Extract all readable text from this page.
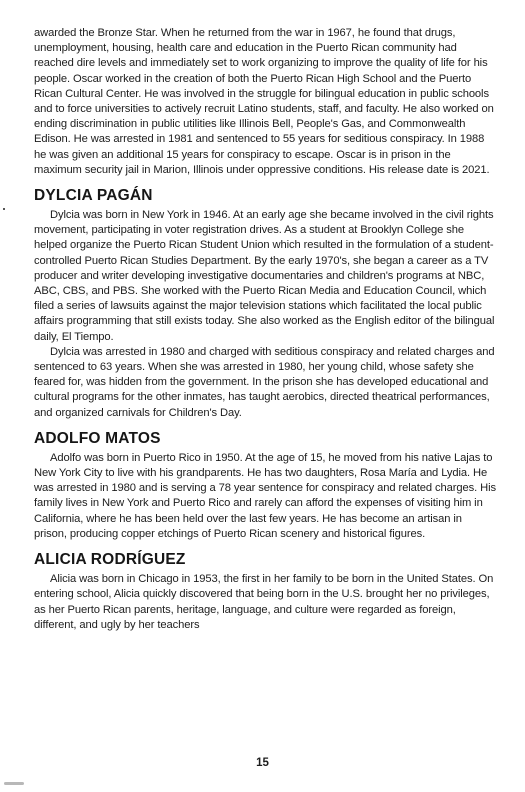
awarded the Bronze Star. When he returned from the war in 1967, he found that drugs, unemployment, housing, health care and education in the Puerto Rican community had reached dire levels and immediately set to work organizing to improve the quality of life for his people. Oscar worked in the creation of both the Puerto Rican High School and the Puerto Rican Cultural Center. He was involved in the struggle for bilingual education in public schools and to force universities to actively recruit Latino students, staff, and faculty. He also worked on ending discrimination in public utilities like Illinois Bell, People's Gas, and Commonwealth Edison. He was arrested in 1981 and sentenced to 55 years for seditious conspiracy. In 1988 he was given an additional 15 years for conspiracy to escape. Oscar is in prison in the maximum security jail in Marion, Illinois under oppressive conditions. His release date is 2021.

DYLCIA PAGÁN

Dylcia was born in New York in 1946. At an early age she became involved in the civil rights movement, participating in voter registration drives. As a student at Brooklyn College she helped organize the Puerto Rican Student Union which resulted in the formulation of a student-controlled Puerto Rican Studies Department. By the early 1970's, she began a career as a TV producer and writer developing investigative documentaries and children's programs at NBC, ABC, CBS, and PBS. She worked with the Puerto Rican Media and Education Council, which filed a series of lawsuits against the major television stations which facilitated the local public affairs programming that still exists today. She also worked as the English editor of the bilingual daily, El Tiempo.

Dylcia was arrested in 1980 and charged with seditious conspiracy and related charges and sentenced to 63 years. When she was arrested in 1980, her young child, whose safety she feared for, was hidden from the government. In the prison she has developed educational and cultural programs for the other inmates, has taught aerobics, directed theatrical performances, and organized carnivals for Children's Day.

ADOLFO MATOS

Adolfo was born in Puerto Rico in 1950. At the age of 15, he moved from his native Lajas to New York City to live with his grandparents. He has two daughters, Rosa María and Lydia. He was arrested in 1980 and is serving a 78 year sentence for conspiracy and related charges. His family lives in New York and Puerto Rico and rarely can afford the expenses of visiting him in California, where he has been held over the last few years. He has become an artisan in prison, producing copper etchings of Puerto Rican scenery and historical figures.

ALICIA RODRÍGUEZ

Alicia was born in Chicago in 1953, the first in her family to be born in the United States. On entering school, Alicia quickly discovered that being born in the U.S. brought her no privileges, as her Puerto Rican parents, heritage, language, and culture were regarded as foreign, different, and ugly by her teachers

15
